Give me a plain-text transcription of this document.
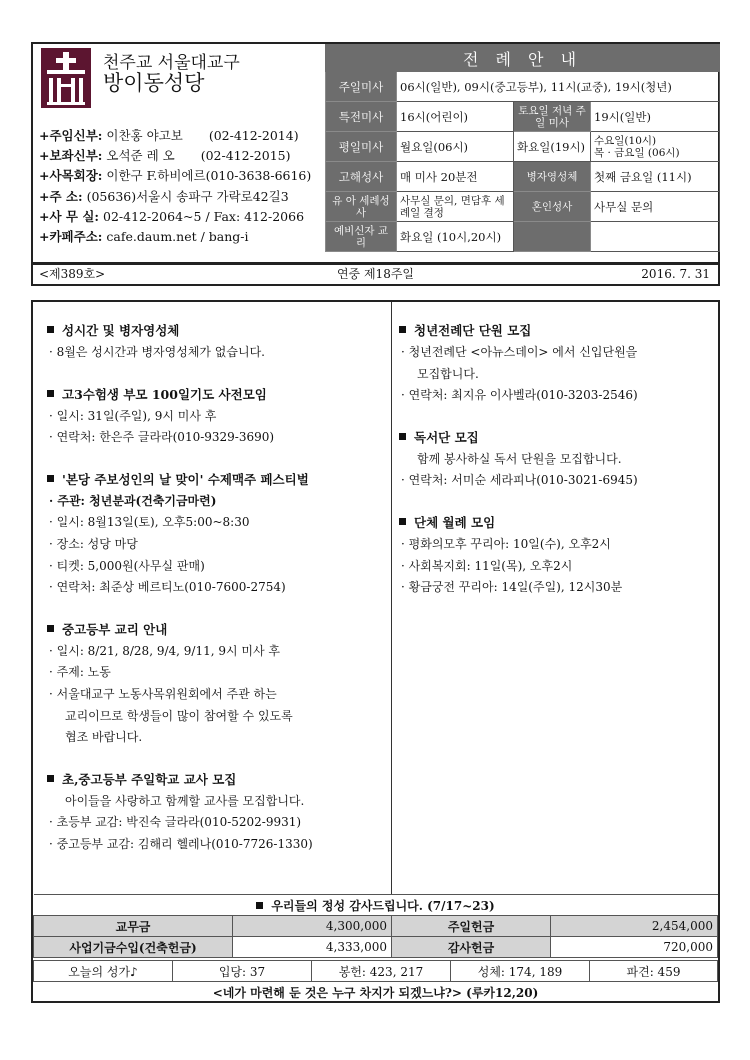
천주교 서울대교구
방이동성당
+주임신부: 이찬홍 야고보 (02-412-2014)
+보좌신부: 오석준 레 오 (02-412-2015)
+사목회장: 이한구 F.하비에르(010-3638-6616)
+주 소: (05636)서울시 송파구 가락로42길3
+사 무 실: 02-412-2064~5 / Fax: 412-2066
+카페주소: cafe.daum.net / bang-i
전 례 안 내			
주일미사	06시(일반), 09시(중고등부), 11시(교중), 19시(청년)		
특전미사	16시(어린이)	토요일 저녁 주일 미사	19시(일반)
평일미사	월요일(06시)	화요일(19시)	수요일(10시)
목 · 금요일 (06시)
고해성사	매 미사 20분전	병자영성체	첫째 금요일 (11시)
유 아 세례성사	사무실 문의, 면담후 세례일 결정	혼인성사	사무실 문의
예비신자 교 리	화요일 (10시,20시)		
연중 제18주일
<제389호>	2016. 7. 31
성시간 및 병자영성체
· 8월은 성시간과 병자영성체가 없습니다.
고3수험생 부모 100일기도 사전모임
· 일시: 31일(주일), 9시 미사 후
· 연락처: 한은주 글라라(010-9329-3690)
'본당 주보성인의 날 맞이' 수제맥주 페스티벌
· 주관: 청년분과(건축기금마련)
· 일시: 8월13일(토), 오후5:00~8:30
· 장소: 성당 마당
· 티켓: 5,000원(사무실 판매)
· 연락처: 최준상 베르티노(010-7600-2754)
중고등부 교리 안내
· 일시: 8/21, 8/28, 9/4, 9/11, 9시 미사 후
· 주제: 노동
· 서울대교구 노동사목위원회에서 주관 하는
교리이므로 학생들이 많이 참여할 수 있도록
협조 바랍니다.
초,중고등부 주일학교 교사 모집
아이들을 사랑하고 함께할 교사를 모집합니다.
· 초등부 교감: 박진숙 글라라(010-5202-9931)
· 중고등부 교감: 김해리 헬레나(010-7726-1330)
청년전례단 단원 모집
· 청년전례단 <아뉴스데이> 에서 신입단원을
모집합니다.
· 연락처: 최지유 이사벨라(010-3203-2546)
독서단 모집
함께 봉사하실 독서 단원을 모집합니다.
· 연락처: 서미순 세라피나(010-3021-6945)
단체 월례 모임
· 평화의모후 꾸리아: 10일(수), 오후2시
· 사회복지회: 11일(목), 오후2시
· 황금궁전 꾸리아: 14일(주일), 12시30분
우리들의 정성 감사드립니다. (7/17~23)			
교무금	4,300,000	주일헌금	2,454,000
사업기금수입(건축헌금)	4,333,000	감사헌금	720,000
오늘의 성가♪	입당: 37	봉헌: 423, 217	성체: 174, 189	파견: 459
<네가 마련해 둔 것은 누구 차지가 되겠느냐?> (루카12,20)
